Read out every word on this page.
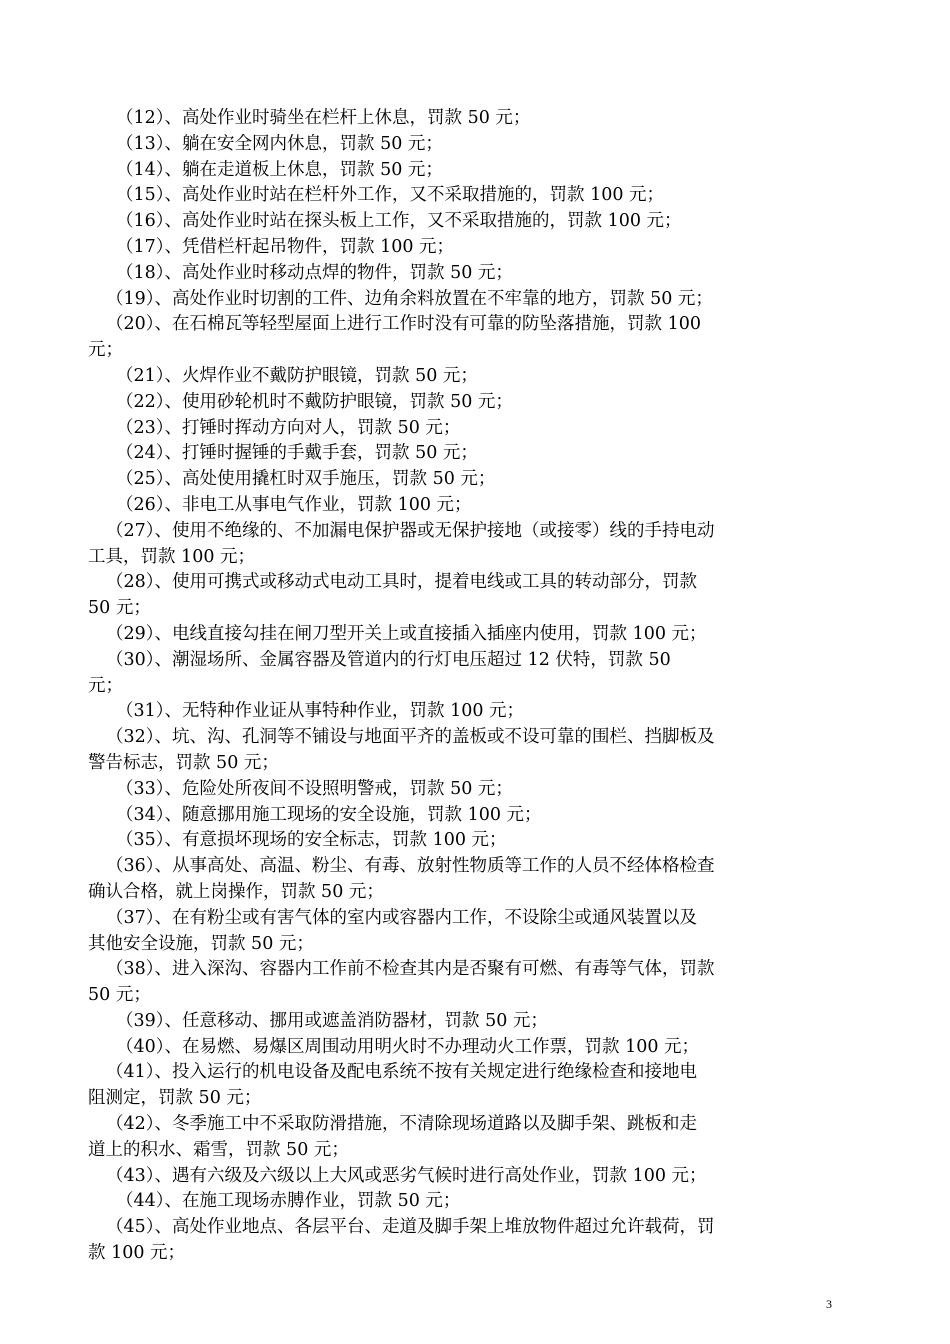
（12）、高处作业时骑坐在栏杆上休息，罚款 50 元；
（13）、躺在安全网内休息，罚款 50 元；
（14）、躺在走道板上休息，罚款 50 元；
（15）、高处作业时站在栏杆外工作，又不采取措施的，罚款 100 元；
（16）、高处作业时站在探头板上工作，又不采取措施的，罚款 100 元；
（17）、凭借栏杆起吊物件，罚款 100 元；
（18）、高处作业时移动点焊的物件，罚款 50 元；
（19）、高处作业时切割的工件、边角余料放置在不牢靠的地方，罚款 50 元；
（20）、在石棉瓦等轻型屋面上进行工作时没有可靠的防坠落措施，罚款 100
元；
（21）、火焊作业不戴防护眼镜，罚款 50 元；
（22）、使用砂轮机时不戴防护眼镜，罚款 50 元；
（23）、打锤时挥动方向对人，罚款 50 元；
（24）、打锤时握锤的手戴手套，罚款 50 元；
（25）、高处使用撬杠时双手施压，罚款 50 元；
（26）、非电工从事电气作业，罚款 100 元；
（27）、使用不绝缘的、不加漏电保护器或无保护接地（或接零）线的手持电动
工具，罚款 100 元；
（28）、使用可携式或移动式电动工具时，提着电线或工具的转动部分，罚款
50 元；
（29）、电线直接勾挂在闸刀型开关上或直接插入插座内使用，罚款 100 元；
（30）、潮湿场所、金属容器及管道内的行灯电压超过 12 伏特，罚款 50
元；
（31）、无特种作业证从事特种作业，罚款 100 元；
（32）、坑、沟、孔洞等不铺设与地面平齐的盖板或不设可靠的围栏、挡脚板及
警告标志，罚款 50 元；
（33）、危险处所夜间不设照明警戒，罚款 50 元；
（34）、随意挪用施工现场的安全设施，罚款 100 元；
（35）、有意损坏现场的安全标志，罚款 100 元；
（36）、从事高处、高温、粉尘、有毒、放射性物质等工作的人员不经体格检查
确认合格，就上岗操作，罚款 50 元；
（37）、在有粉尘或有害气体的室内或容器内工作，不设除尘或通风装置以及
其他安全设施，罚款 50 元；
（38）、进入深沟、容器内工作前不检查其内是否聚有可燃、有毒等气体，罚款
50 元；
（39）、任意移动、挪用或遮盖消防器材，罚款 50 元；
（40）、在易燃、易爆区周围动用明火时不办理动火工作票，罚款 100 元；
（41）、投入运行的机电设备及配电系统不按有关规定进行绝缘检查和接地电
阻测定，罚款 50 元；
（42）、冬季施工中不采取防滑措施，不清除现场道路以及脚手架、跳板和走
道上的积水、霜雪，罚款 50 元；
（43）、遇有六级及六级以上大风或恶劣气候时进行高处作业，罚款 100 元；
（44）、在施工现场赤膊作业，罚款 50 元；
（45）、高处作业地点、各层平台、走道及脚手架上堆放物件超过允许载荷，罚
款 100 元；
3
